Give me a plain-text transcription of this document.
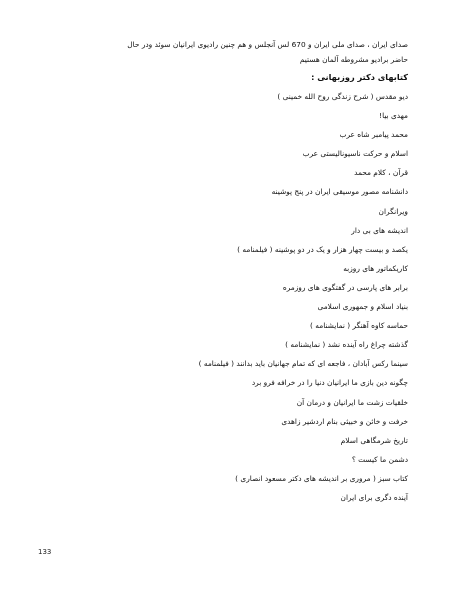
صدای ایران ، صدای ملی ایران و 670 لس آنجلس و هم چنین رادیوی ایرانیان سوئد ودر حال

حاضر برادیو مشروطه آلمان هستیم

کتابهای دکتر روزبهانی :

دیو مقدس ( شرح زندگی روح الله خمینی )
مهدی بیا!
محمد پیامبر شاه عرب
اسلام و حرکت ناسیونالیستی عرب
قرآن ، کلام محمد
دانشنامه مصور موسیقی ایران در پنج پوشینه
ویرانگران
اندیشه های بی دار
یکصد و بیست چهار هزار و یک در دو پوشینه ( فیلمنامه )
کاریکماتور های روزبه
برابر های پارسی در گفتگوی های روزمره
بنیاد اسلام و جمهوری اسلامی
حماسه کاوه آهنگر ( نمایشنامه )
گذشته چراغ راه آینده نشد ( نمایشنامه )
سینما رکس آبادان ، فاجعه ای که تمام جهانیان باید بدانند ( فیلمنامه )
چگونه دین بازی ما ایرانیان دنیا را در خرافه فرو برد
خلقیات زشت ما ایرانیان و درمان آن
خرفت و خائن و خبیثی بنام اردشیر زاهدی
تاریخ شرمگاهی اسلام
دشمن ما کیست ؟
کتاب سبز ( مروری بر اندیشه های دکتر مسعود انصاری )
آینده دگری برای ایران
133
